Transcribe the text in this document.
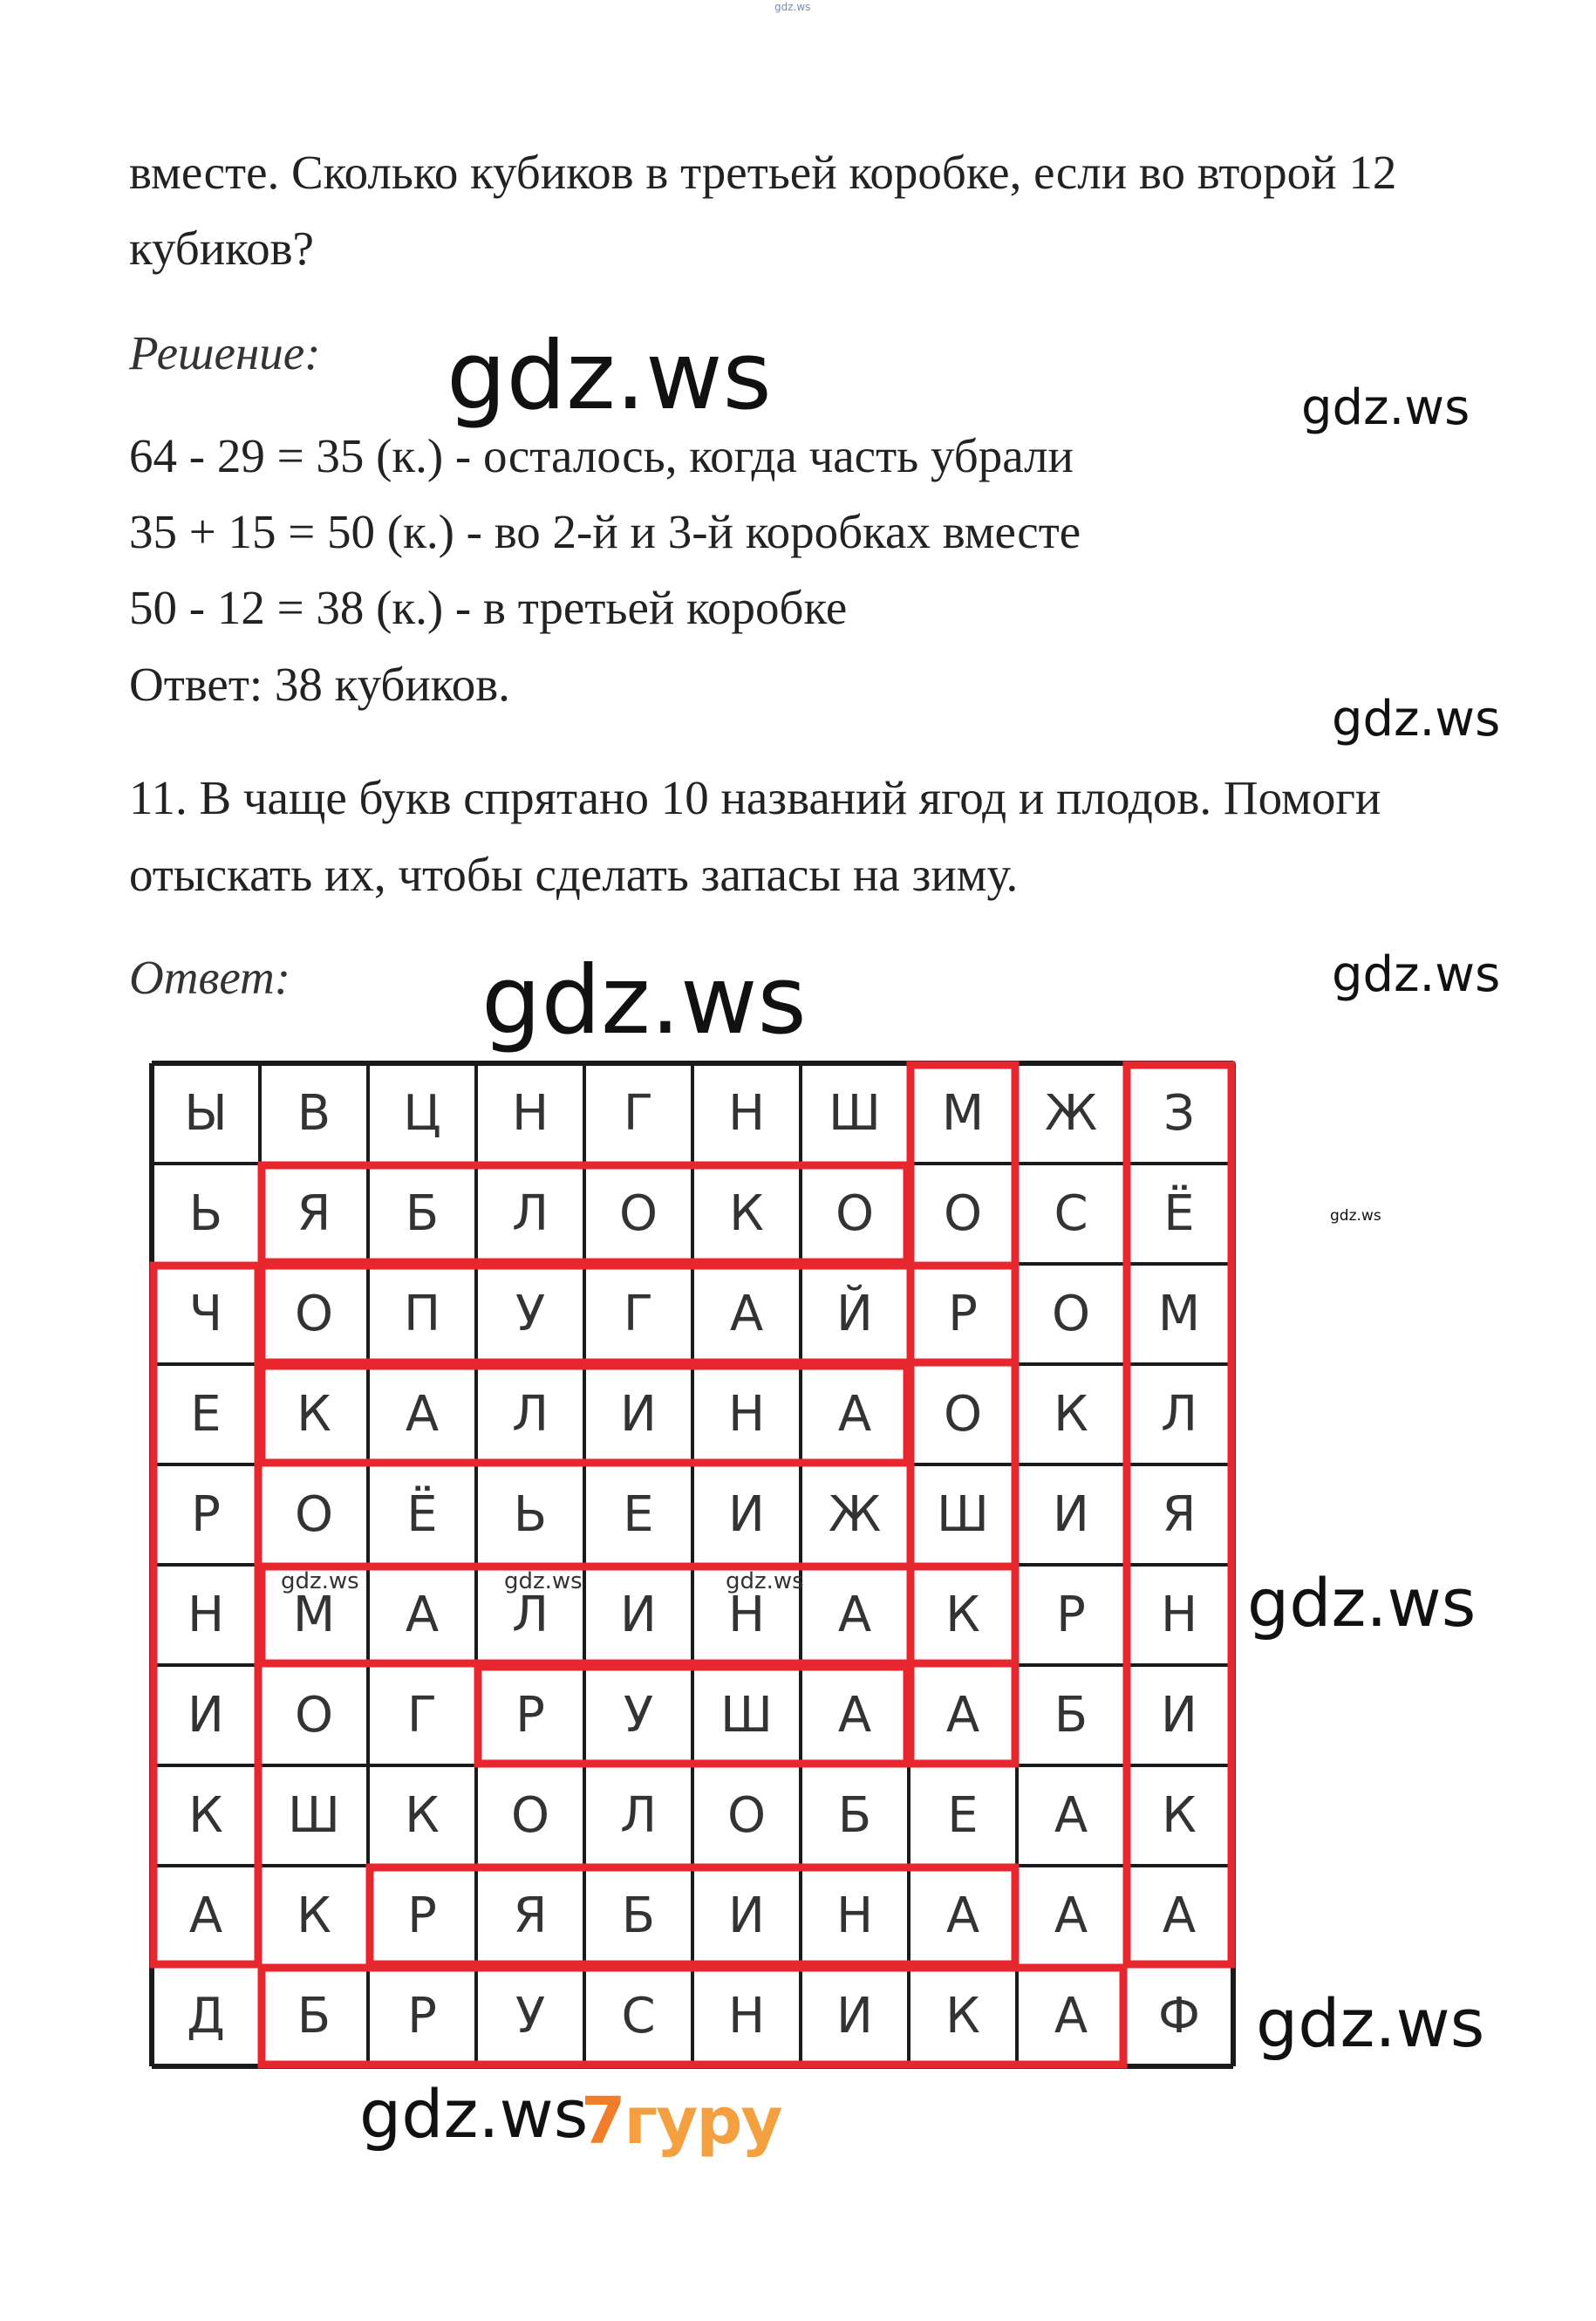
gdz.ws
вместе. Сколько кубиков в третьей коробке, если во второй 12
кубиков?
Решение: gdz.ws	gdz.ws
64 - 29 = 35 (к.) - осталось, когда часть убрали
35 + 15 = 50 (к.) - во 2-й и 3-й коробках вместе
50 - 12 = 38 (к.) - в третьей коробке
Ответ: 38 кубиков.
gdz.ws
11. В чаще букв спрятано 10 названий ягод и плодов. Помоги
отыскать их, чтобы сделать запасы на зиму.
Ответ: gdz.ws	gdz.ws
gdz.ws
Ы	В	Ц	Н	Г	Н	Ш	М	Ж	З
Ь	Я	Б	Л	О	К	О	О	С	Ё
Ч	О	П	У	Г	А	Й	Р	О	М
Е	К	А	Л	И	Н	А	О	К	Л
Р	О	Ё	Ь	Е	И	Ж	Ш	И	Я
Н	М	А	Л	И	Н	А	К	Р	Н
И	О	Г	Р	У	Ш	А	А	Б	И
К	Ш	К	О	Л	О	Б	Е	А	К
А	К	Р	Я	Б	И	Н	А	А	А
Д	Б	Р	У	С	Н	И	К	А	Ф
gdz.ws	gdz.ws	gdz.ws	gdz.ws
gdz.ws
gdz.ws
7гуру
